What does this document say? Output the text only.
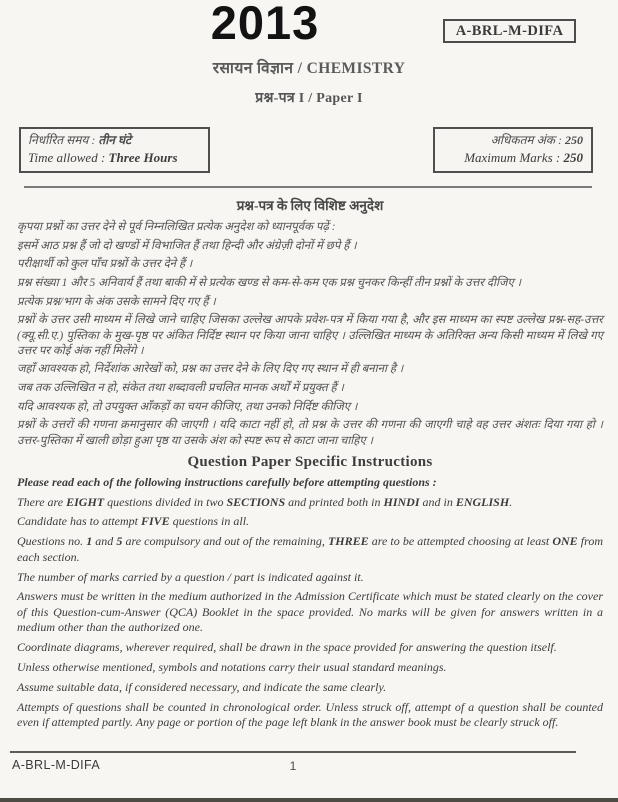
2013	A-BRL-M-DIFA
रसायन विज्ञान / CHEMISTRY
प्रश्न-पत्र I / Paper I
निर्धारित समय : तीन घंटे
Time allowed : Three Hours
अधिकतम अंक : 250
Maximum Marks : 250
प्रश्न-पत्र के लिए विशिष्ट अनुदेश
कृपया प्रश्नों का उत्तर देने से पूर्व निम्नलिखित प्रत्येक अनुदेश को ध्यानपूर्वक पढ़ें :
इसमें आठ प्रश्न हैं जो दो खण्डों में विभाजित हैं तथा हिन्दी और अंग्रेज़ी दोनों में छपे हैं ।
परीक्षार्थी को कुल पाँच प्रश्नों के उत्तर देने हैं ।
प्रश्न संख्या 1 और 5 अनिवार्य हैं तथा बाकी में से प्रत्येक खण्ड से कम-से-कम एक प्रश्न चुनकर किन्हीं तीन प्रश्नों के उत्तर दीजिए ।
प्रत्येक प्रश्न/भाग के अंक उसके सामने दिए गए हैं ।
प्रश्नों के उत्तर उसी माध्यम में लिखे जाने चाहिए जिसका उल्लेख आपके प्रवेश-पत्र में किया गया है, और इस माध्यम का स्पष्ट उल्लेख प्रश्न-सह-उत्तर (क्यू.सी.ए.) पुस्तिका के मुख-पृष्ठ पर अंकित निर्दिष्ट स्थान पर किया जाना चाहिए । उल्लिखित माध्यम के अतिरिक्त अन्य किसी माध्यम में लिखे गए उत्तर पर कोई अंक नहीं मिलेंगे ।
जहाँ आवश्यक हो, निर्देशांक आरेखों को, प्रश्न का उत्तर देने के लिए दिए गए स्थान में ही बनाना है ।
जब तक उल्लिखित न हो, संकेत तथा शब्दावली प्रचलित मानक अर्थों में प्रयुक्त हैं ।
यदि आवश्यक हो, तो उपयुक्त आँकड़ों का चयन कीजिए, तथा उनको निर्दिष्ट कीजिए ।
प्रश्नों के उत्तरों की गणना क्रमानुसार की जाएगी । यदि काटा नहीं हो, तो प्रश्न के उत्तर की गणना की जाएगी चाहे वह उत्तर अंशतः दिया गया हो । उत्तर-पुस्तिका में खाली छोड़ा हुआ पृष्ठ या उसके अंश को स्पष्ट रूप से काटा जाना चाहिए ।
Question Paper Specific Instructions
Please read each of the following instructions carefully before attempting questions :
There are EIGHT questions divided in two SECTIONS and printed both in HINDI and in ENGLISH.
Candidate has to attempt FIVE questions in all.
Questions no. 1 and 5 are compulsory and out of the remaining, THREE are to be attempted choosing at least ONE from each section.
The number of marks carried by a question / part is indicated against it.
Answers must be written in the medium authorized in the Admission Certificate which must be stated clearly on the cover of this Question-cum-Answer (QCA) Booklet in the space provided. No marks will be given for answers written in a medium other than the authorized one.
Coordinate diagrams, wherever required, shall be drawn in the space provided for answering the question itself.
Unless otherwise mentioned, symbols and notations carry their usual standard meanings.
Assume suitable data, if considered necessary, and indicate the same clearly.
Attempts of questions shall be counted in chronological order. Unless struck off, attempt of a question shall be counted even if attempted partly. Any page or portion of the page left blank in the answer book must be clearly struck off.
A-BRL-M-DIFA	1
